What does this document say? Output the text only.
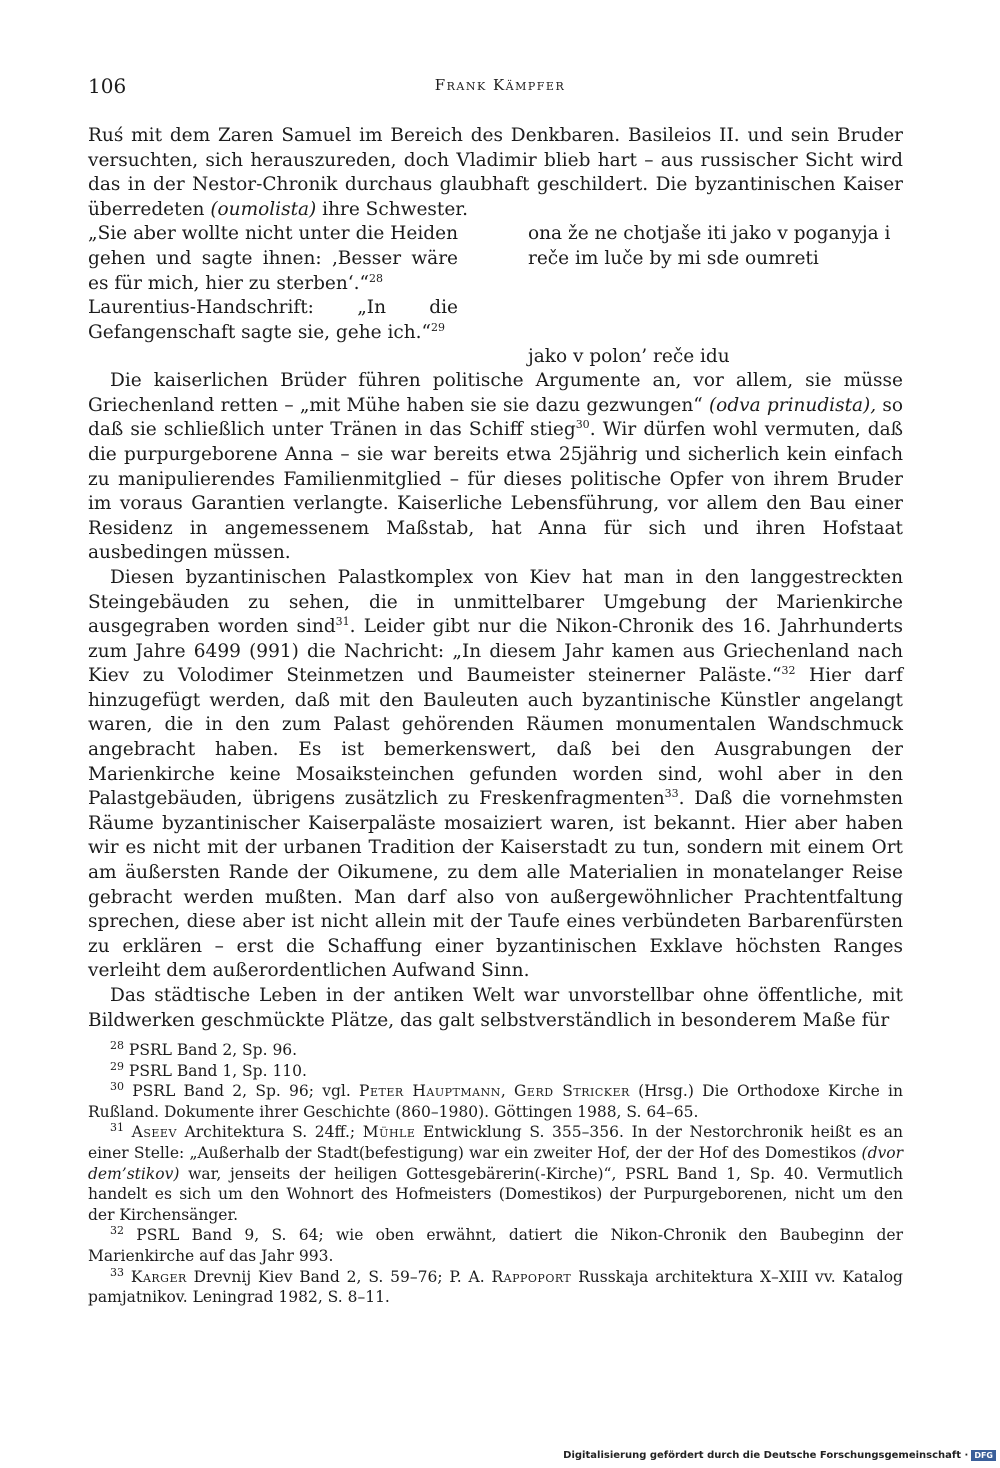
106	Frank Kämpfer

Ruś mit dem Zaren Samuel im Bereich des Denkbaren. Basileios II. und sein Bruder versuchten, sich herauszureden, doch Vladimir blieb hart – aus russischer Sicht wird das in der Nestor-Chronik durchaus glaubhaft geschildert. Die byzantinischen Kaiser überredeten (oumolista) ihre Schwester.

„Sie aber wollte nicht unter die Heiden gehen und sagte ihnen: ‚Besser wäre es für mich, hier zu sterben‘.“$^{28}$

Laurentius-Handschrift: „In die Gefangenschaft sagte sie, gehe ich.“$^{29}$

ona že ne chotjaše iti jako v poganyja i reče im luče by mi sde oumreti

jako v polon’ reče idu

Die kaiserlichen Brüder führen politische Argumente an, vor allem, sie müsse Griechenland retten – „mit Mühe haben sie sie dazu gezwungen“ (odva prinudista), so daß sie schließlich unter Tränen in das Schiff stieg$^{30}$. Wir dürfen wohl vermuten, daß die purpurgeborene Anna – sie war bereits etwa 25jährig und sicherlich kein einfach zu manipulierendes Familienmitglied – für dieses politische Opfer von ihrem Bruder im voraus Garantien verlangte. Kaiserliche Lebensführung, vor allem den Bau einer Residenz in angemessenem Maßstab, hat Anna für sich und ihren Hofstaat ausbedingen müssen.

Diesen byzantinischen Palastkomplex von Kiev hat man in den langgestreckten Steingebäuden zu sehen, die in unmittelbarer Umgebung der Marienkirche ausgegraben worden sind$^{31}$. Leider gibt nur die Nikon-Chronik des 16. Jahrhunderts zum Jahre 6499 (991) die Nachricht: „In diesem Jahr kamen aus Griechenland nach Kiev zu Volodimer Steinmetzen und Baumeister steinerner Paläste.“$^{32}$ Hier darf hinzugefügt werden, daß mit den Bauleuten auch byzantinische Künstler angelangt waren, die in den zum Palast gehörenden Räumen monumentalen Wandschmuck angebracht haben. Es ist bemerkenswert, daß bei den Ausgrabungen der Marienkirche keine Mosaiksteinchen gefunden worden sind, wohl aber in den Palastgebäuden, übrigens zusätzlich zu Freskenfragmenten$^{33}$. Daß die vornehmsten Räume byzantinischer Kaiserpaläste mosaiziert waren, ist bekannt. Hier aber haben wir es nicht mit der urbanen Tradition der Kaiserstadt zu tun, sondern mit einem Ort am äußersten Rande der Oikumene, zu dem alle Materialien in monatelanger Reise gebracht werden mußten. Man darf also von außergewöhnlicher Prachtentfaltung sprechen, diese aber ist nicht allein mit der Taufe eines verbündeten Barbarenfürsten zu erklären – erst die Schaffung einer byzantinischen Exklave höchsten Ranges verleiht dem außerordentlichen Aufwand Sinn.

Das städtische Leben in der antiken Welt war unvorstellbar ohne öffentliche, mit Bildwerken geschmückte Plätze, das galt selbstverständlich in besonderem Maße für

$^{28}$ PSRL Band 2, Sp. 96.

$^{29}$ PSRL Band 1, Sp. 110.

$^{30}$ PSRL Band 2, Sp. 96; vgl. Peter Hauptmann, Gerd Stricker (Hrsg.) Die Orthodoxe Kirche in Rußland. Dokumente ihrer Geschichte (860–1980). Göttingen 1988, S. 64–65.

$^{31}$ Aseev Architektura S. 24ff.; Mühle Entwicklung S. 355–356. In der Nestorchronik heißt es an einer Stelle: „Außerhalb der Stadt(befestigung) war ein zweiter Hof, der der Hof des Domestikos (dvor dem’stikov) war, jenseits der heiligen Gottesgebärerin(-Kirche)“, PSRL Band 1, Sp. 40. Vermutlich handelt es sich um den Wohnort des Hofmeisters (Domestikos) der Purpurgeborenen, nicht um den der Kirchensänger.

$^{32}$ PSRL Band 9, S. 64; wie oben erwähnt, datiert die Nikon-Chronik den Baubeginn der Marienkirche auf das Jahr 993.

$^{33}$ Karger Drevnij Kiev Band 2, S. 59–76; P. A. Rappoport Russkaja architektura X–XIII vv. Katalog pamjatnikov. Leningrad 1982, S. 8–11.

Digitalisierung gefördert durch die Deutsche Forschungsgemeinschaft · DFG
